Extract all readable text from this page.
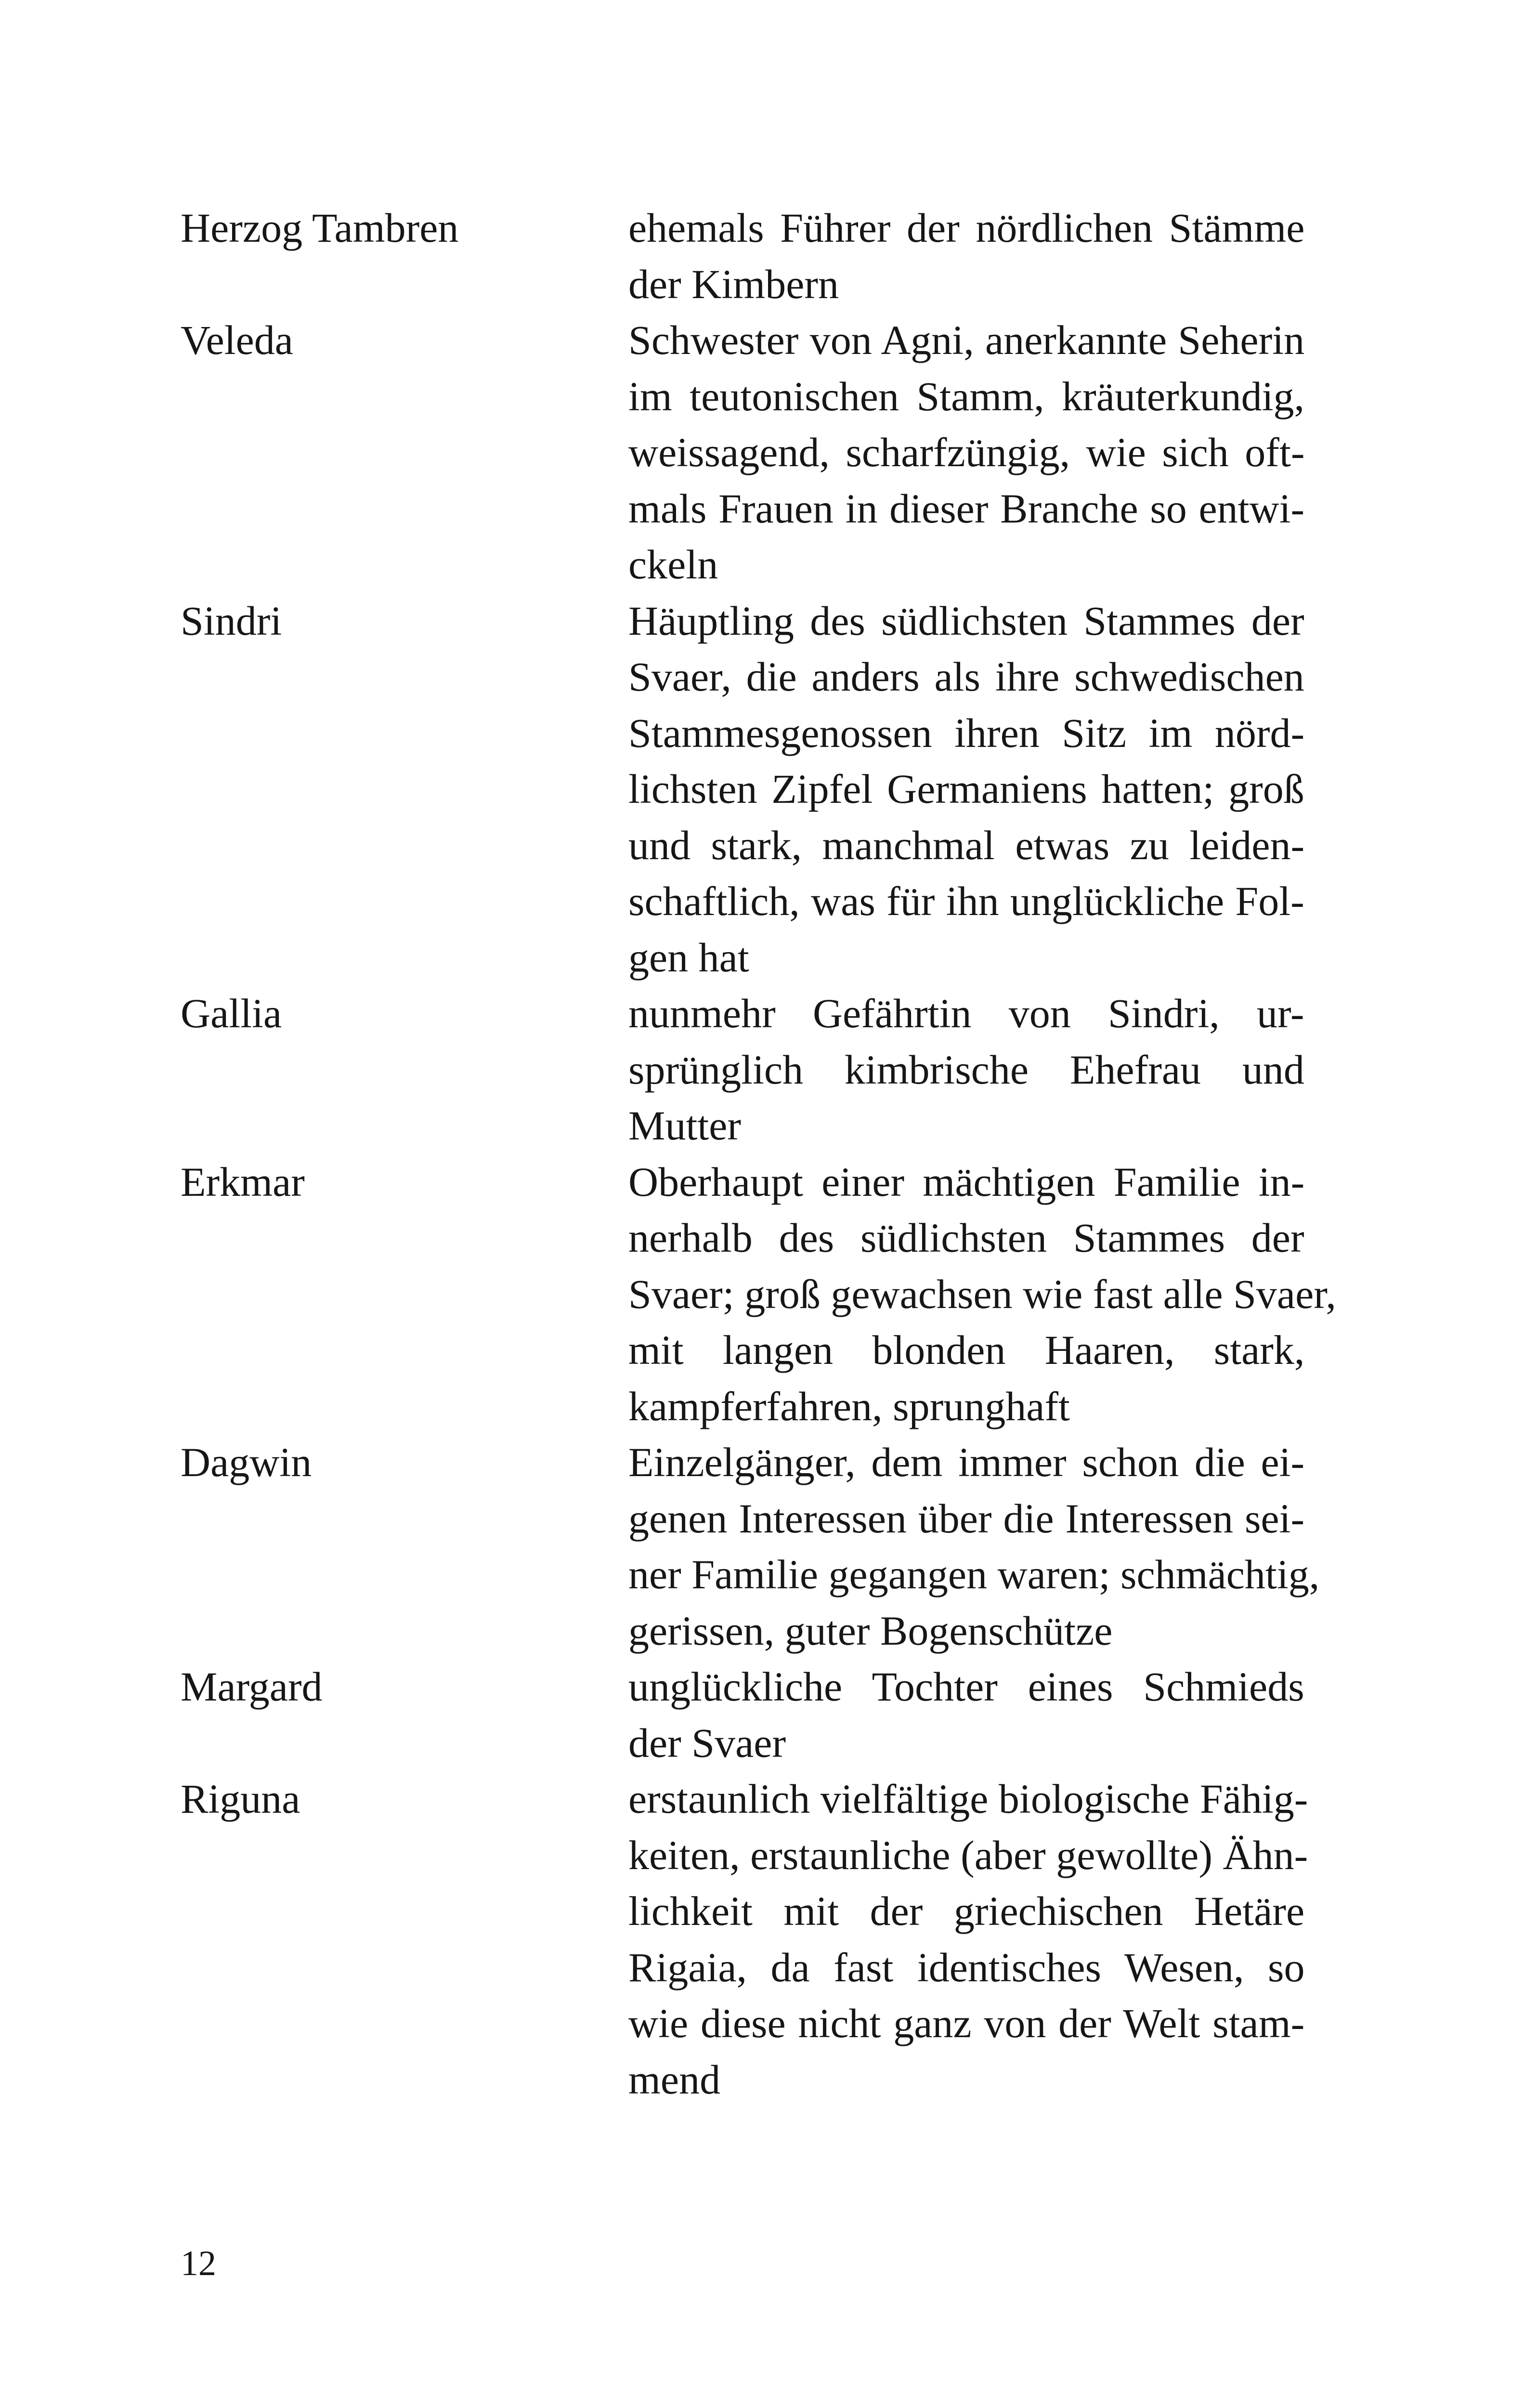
Herzog Tambren	ehemals Führer der nördlichen Stämme
der Kimbern
Veleda	Schwester von Agni, anerkannte Seherin
im teutonischen Stamm, kräuterkundig,
weissagend, scharfzüngig, wie sich oft-
mals Frauen in dieser Branche so entwi-
ckeln
Sindri	Häuptling des südlichsten Stammes der
Svaer, die anders als ihre schwedischen
Stammesgenossen ihren Sitz im nörd-
lichsten Zipfel Germaniens hatten; groß
und stark, manchmal etwas zu leiden-
schaftlich, was für ihn unglückliche Fol-
gen hat
Gallia	nunmehr Gefährtin von Sindri, ur-
sprünglich kimbrische Ehefrau und
Mutter
Erkmar	Oberhaupt einer mächtigen Familie in-
nerhalb des südlichsten Stammes der
Svaer; groß gewachsen wie fast alle Svaer,
mit langen blonden Haaren, stark,
kampferfahren, sprunghaft
Dagwin	Einzelgänger, dem immer schon die ei-
genen Interessen über die Interessen sei-
ner Familie gegangen waren; schmächtig,
gerissen, guter Bogenschütze
Margard	unglückliche Tochter eines Schmieds
der Svaer
Riguna	erstaunlich vielfältige biologische Fähig-
keiten, erstaunliche (aber gewollte) Ähn-
lichkeit mit der griechischen Hetäre
Rigaia, da fast identisches Wesen, so
wie diese nicht ganz von der Welt stam-
mend
12
